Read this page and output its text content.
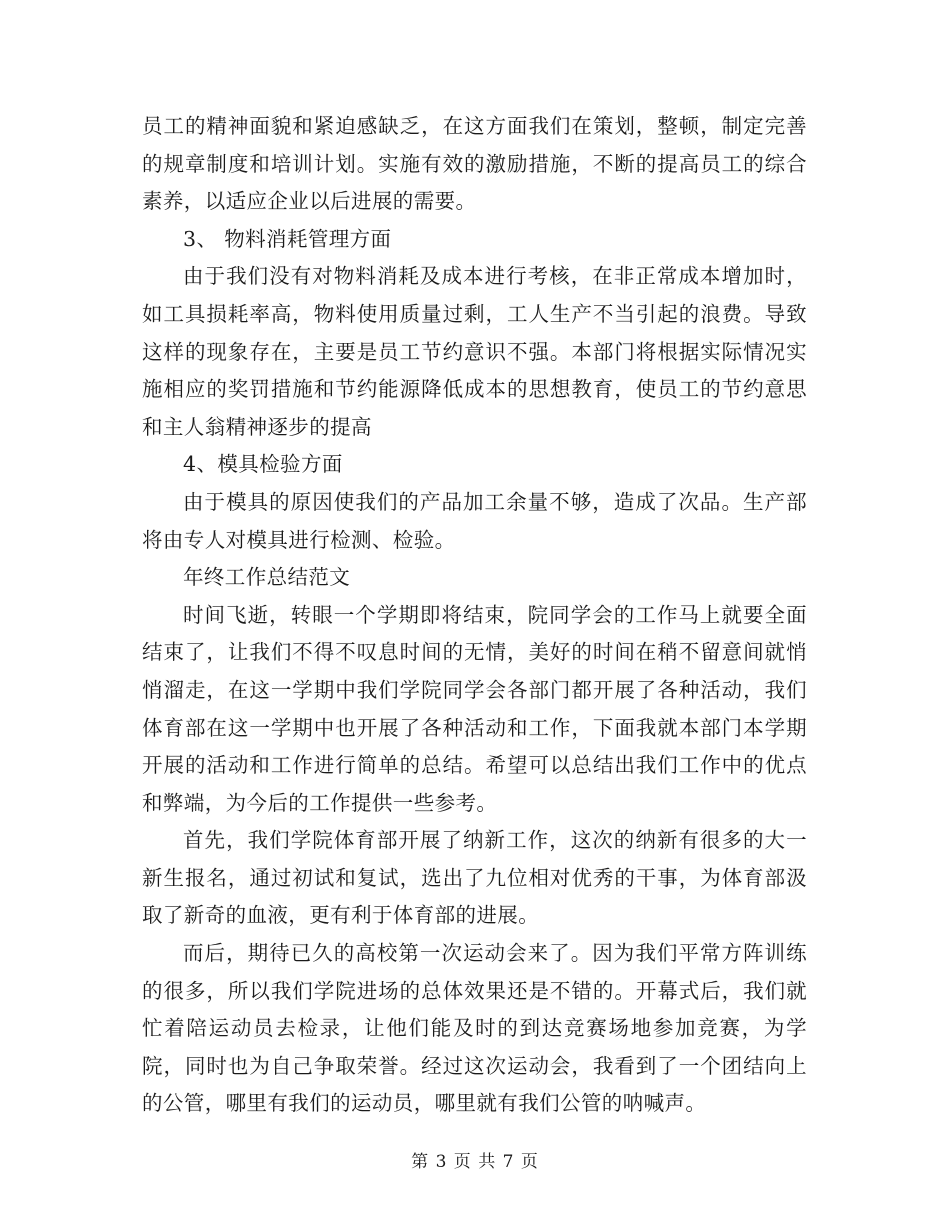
员工的精神面貌和紧迫感缺乏，在这方面我们在策划，整顿，制定完善的规章制度和培训计划。实施有效的激励措施，不断的提高员工的综合素养，以适应企业以后进展的需要。

3、 物料消耗管理方面

由于我们没有对物料消耗及成本进行考核，在非正常成本增加时，如工具损耗率高，物料使用质量过剩，工人生产不当引起的浪费。导致这样的现象存在，主要是员工节约意识不强。本部门将根据实际情况实施相应的奖罚措施和节约能源降低成本的思想教育，使员工的节约意思和主人翁精神逐步的提高

4、模具检验方面

由于模具的原因使我们的产品加工余量不够，造成了次品。生产部将由专人对模具进行检测、检验。

年终工作总结范文

时间飞逝，转眼一个学期即将结束，院同学会的工作马上就要全面结束了，让我们不得不叹息时间的无情，美好的时间在稍不留意间就悄悄溜走，在这一学期中我们学院同学会各部门都开展了各种活动，我们体育部在这一学期中也开展了各种活动和工作，下面我就本部门本学期开展的活动和工作进行简单的总结。希望可以总结出我们工作中的优点和弊端，为今后的工作提供一些参考。

首先，我们学院体育部开展了纳新工作，这次的纳新有很多的大一新生报名，通过初试和复试，选出了九位相对优秀的干事，为体育部汲取了新奇的血液，更有利于体育部的进展。

而后，期待已久的高校第一次运动会来了。因为我们平常方阵训练的很多，所以我们学院进场的总体效果还是不错的。开幕式后，我们就忙着陪运动员去检录，让他们能及时的到达竞赛场地参加竞赛，为学院，同时也为自己争取荣誉。经过这次运动会，我看到了一个团结向上的公管，哪里有我们的运动员，哪里就有我们公管的呐喊声。

第 3 页 共 7 页
